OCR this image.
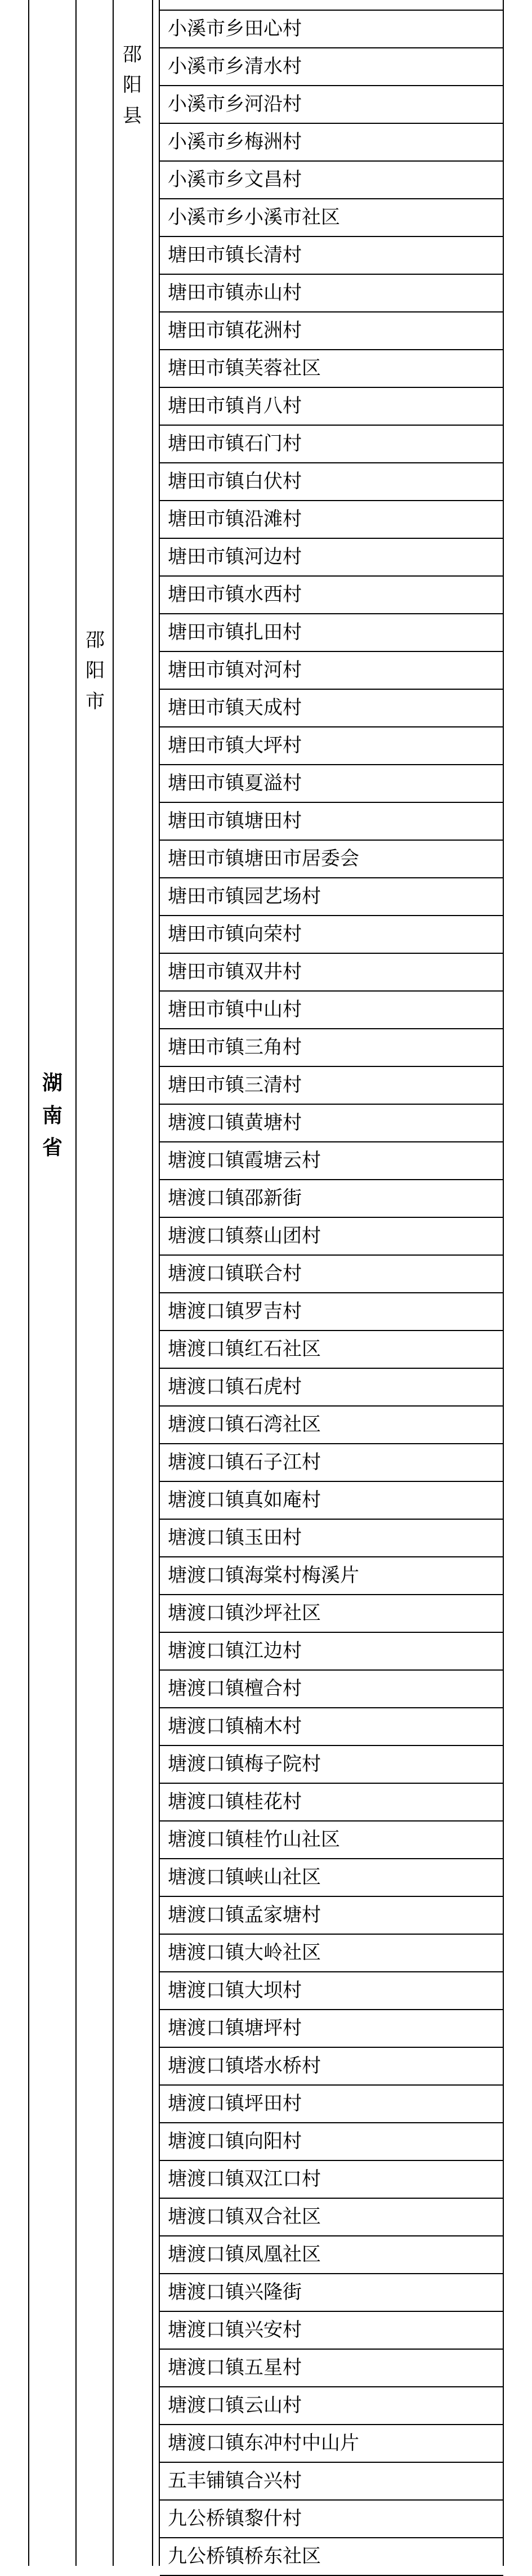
湖
南
省
邵
阳
市
邵
阳
县
小溪市乡田心村
小溪市乡清水村
小溪市乡河沿村
小溪市乡梅洲村
小溪市乡文昌村
小溪市乡小溪市社区
塘田市镇长清村
塘田市镇赤山村
塘田市镇花洲村
塘田市镇芙蓉社区
塘田市镇肖八村
塘田市镇石门村
塘田市镇白伏村
塘田市镇沿滩村
塘田市镇河边村
塘田市镇水西村
塘田市镇扎田村
塘田市镇对河村
塘田市镇天成村
塘田市镇大坪村
塘田市镇夏溢村
塘田市镇塘田村
塘田市镇塘田市居委会
塘田市镇园艺场村
塘田市镇向荣村
塘田市镇双井村
塘田市镇中山村
塘田市镇三角村
塘田市镇三清村
塘渡口镇黄塘村
塘渡口镇霞塘云村
塘渡口镇邵新街
塘渡口镇蔡山团村
塘渡口镇联合村
塘渡口镇罗吉村
塘渡口镇红石社区
塘渡口镇石虎村
塘渡口镇石湾社区
塘渡口镇石子江村
塘渡口镇真如庵村
塘渡口镇玉田村
塘渡口镇海棠村梅溪片
塘渡口镇沙坪社区
塘渡口镇江边村
塘渡口镇檀合村
塘渡口镇楠木村
塘渡口镇梅子院村
塘渡口镇桂花村
塘渡口镇桂竹山社区
塘渡口镇峡山社区
塘渡口镇孟家塘村
塘渡口镇大岭社区
塘渡口镇大坝村
塘渡口镇塘坪村
塘渡口镇塔水桥村
塘渡口镇坪田村
塘渡口镇向阳村
塘渡口镇双江口村
塘渡口镇双合社区
塘渡口镇凤凰社区
塘渡口镇兴隆街
塘渡口镇兴安村
塘渡口镇五星村
塘渡口镇云山村
塘渡口镇东冲村中山片
五丰铺镇合兴村
九公桥镇黎什村
九公桥镇桥东社区
